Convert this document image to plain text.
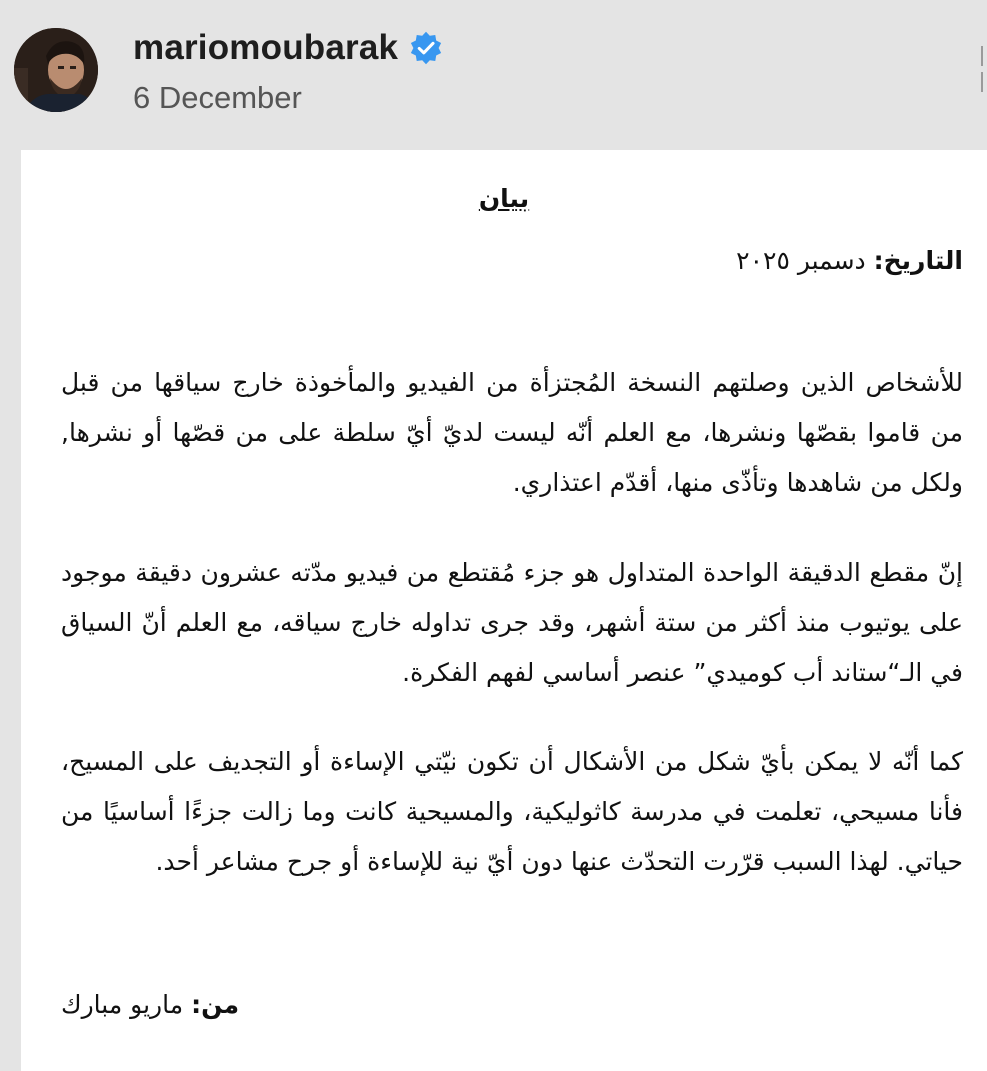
mariomoubarak
6 December
بيان
التاريخ: دسمبر ٢٠٢٥
للأشخاص الذين وصلتهم النسخة المُجتزأة من الفيديو والمأخوذة خارج سياقها من قبل من قاموا بقصّها ونشرها، مع العلم أنّه ليست لديّ أيّ سلطة على من قصّها أو نشرها, ولكل من شاهدها وتأذّى منها، أقدّم اعتذاري.
إنّ مقطع الدقيقة الواحدة المتداول هو جزء مُقتطع من فيديو مدّته عشرون دقيقة موجود على يوتيوب منذ أكثر من ستة أشهر، وقد جرى تداوله خارج سياقه، مع العلم أنّ السياق في الـ“ستاند أب كوميدي” عنصر أساسي لفهم الفكرة.
كما أنّه لا يمكن بأيّ شكل من الأشكال أن تكون نيّتي الإساءة أو التجديف على المسيح، فأنا مسيحي، تعلمت في مدرسة كاثوليكية، والمسيحية كانت وما زالت جزءًا أساسيًا من حياتي. لهذا السبب قرّرت التحدّث عنها دون أيّ نية للإساءة أو جرح مشاعر أحد.
من: ماريو مبارك
